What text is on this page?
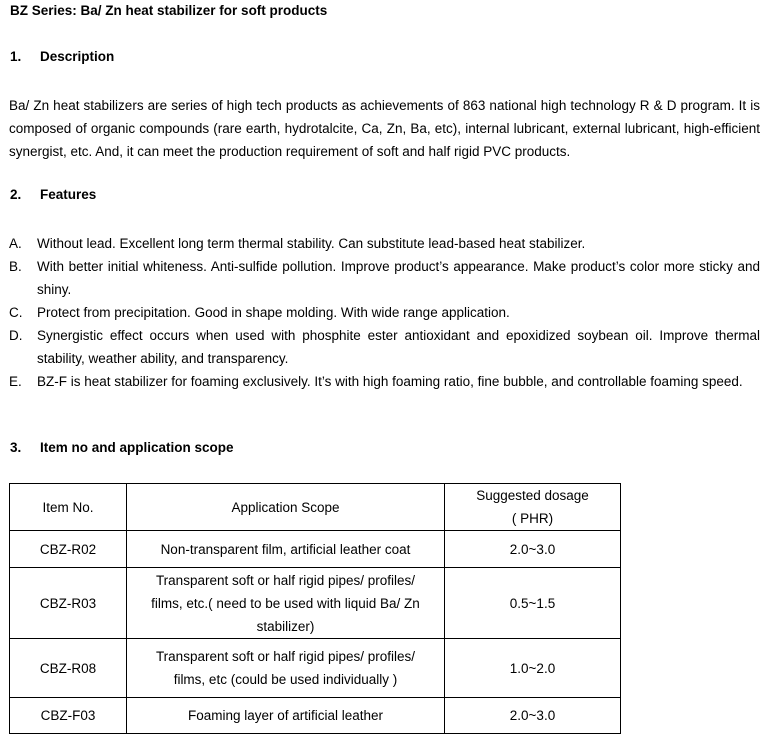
BZ Series: Ba/ Zn heat stabilizer for soft products
1. Description
Ba/ Zn heat stabilizers are series of high tech products as achievements of 863 national high technology R & D program. It is composed of organic compounds (rare earth, hydrotalcite, Ca, Zn, Ba, etc), internal lubricant, external lubricant, high-efficient synergist, etc. And, it can meet the production requirement of soft and half rigid PVC products.
2. Features
A. Without lead. Excellent long term thermal stability. Can substitute lead-based heat stabilizer.
B. With better initial whiteness. Anti-sulfide pollution. Improve product’s appearance. Make product’s color more sticky and shiny.
C. Protect from precipitation. Good in shape molding. With wide range application.
D. Synergistic effect occurs when used with phosphite ester antioxidant and epoxidized soybean oil. Improve thermal stability, weather ability, and transparency.
E. BZ-F is heat stabilizer for foaming exclusively. It’s with high foaming ratio, fine bubble, and controllable foaming speed.
3. Item no and application scope
Item No.	Application Scope	Suggested dosage
( PHR)

CBZ-R02	Non-transparent film, artificial leather coat	2.0~3.0
CBZ-R03	Transparent soft or half rigid pipes/ profiles/
films, etc.( need to be used with liquid Ba/ Zn
stabilizer)	0.5~1.5
CBZ-R08	Transparent soft or half rigid pipes/ profiles/
films, etc (could be used individually )	1.0~2.0
CBZ-F03	Foaming layer of artificial leather	2.0~3.0
